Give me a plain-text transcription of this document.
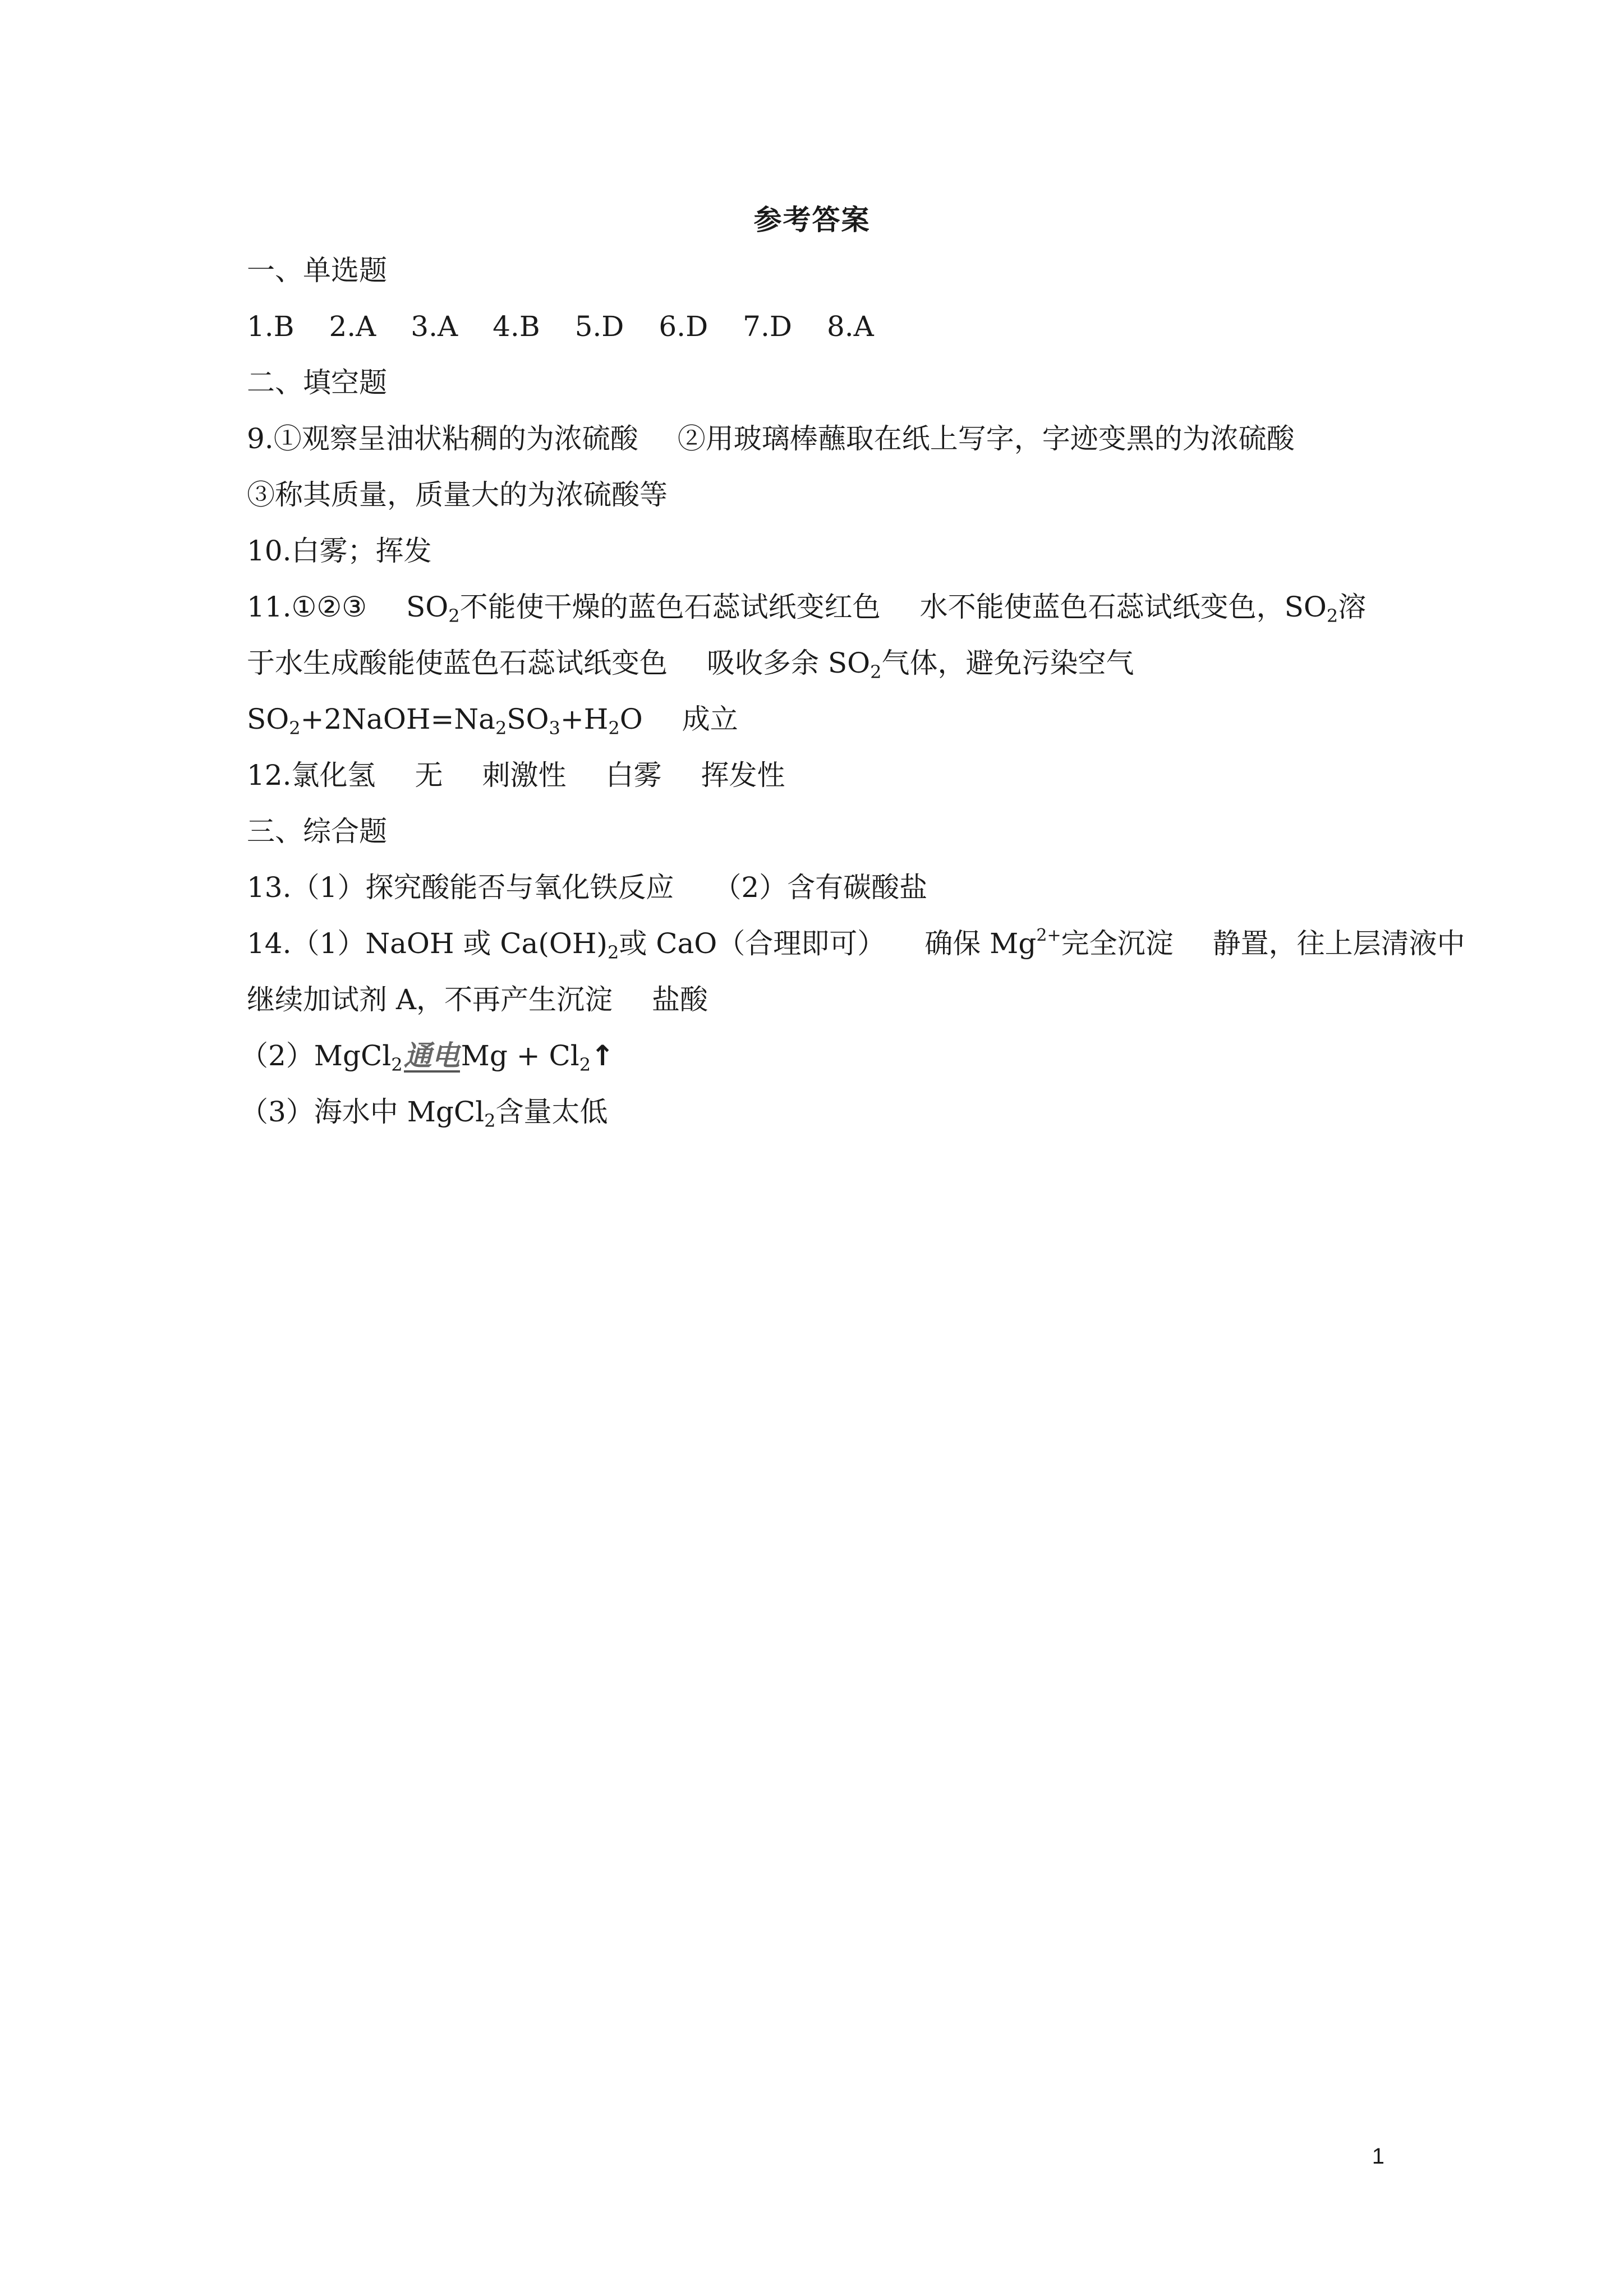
参考答案
一、单选题
1.B 2.A 3.A 4.B 5.D 6.D 7.D 8.A
二、填空题
9.①观察呈油状粘稠的为浓硫酸 ②用玻璃棒蘸取在纸上写字，字迹变黑的为浓硫酸
③称其质量，质量大的为浓硫酸等
10.白雾；挥发
11.①②③ $SO_2$不能使干燥的蓝色石蕊试纸变红色 水不能使蓝色石蕊试纸变色，$SO_2$溶
于水生成酸能使蓝色石蕊试纸变色 吸收多余 $SO_2$气体，避免污染空气
$SO_2+2NaOH=Na_2SO_3+H_2O$ 成立
12.氯化氢 无 刺激性 白雾 挥发性
三、综合题
13.（1）探究酸能否与氧化铁反应 （2）含有碳酸盐
14.（1）NaOH 或 $Ca(OH)_2$或 CaO（合理即可） 确保 $Mg^{2+}$完全沉淀 静置，往上层清液中
继续加试剂 A，不再产生沉淀 盐酸
（2）MgCl$_2$通电$Mg + Cl_2↑$
（3）海水中 MgCl$_2$含量太低
1
